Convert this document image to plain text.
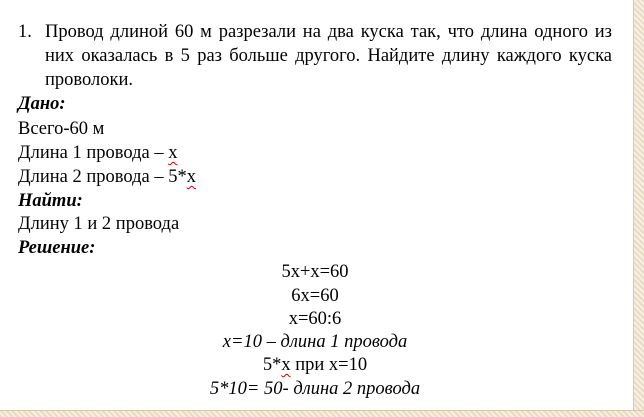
1. Провод длиной 60 м разрезали на два куска так, что длина одного из них оказалась в 5 раз больше другого. Найдите длину каждого куска проволоки.
Дано:
Всего-60 м
Длина 1 провода – х
Длина 2 провода – 5*х
Найти:
Длину 1 и 2 провода
Решение:
5х+х=60
6х=60
х=60:6
х=10 – длина 1 провода
5*х при х=10
5*10= 50- длина 2 провода
